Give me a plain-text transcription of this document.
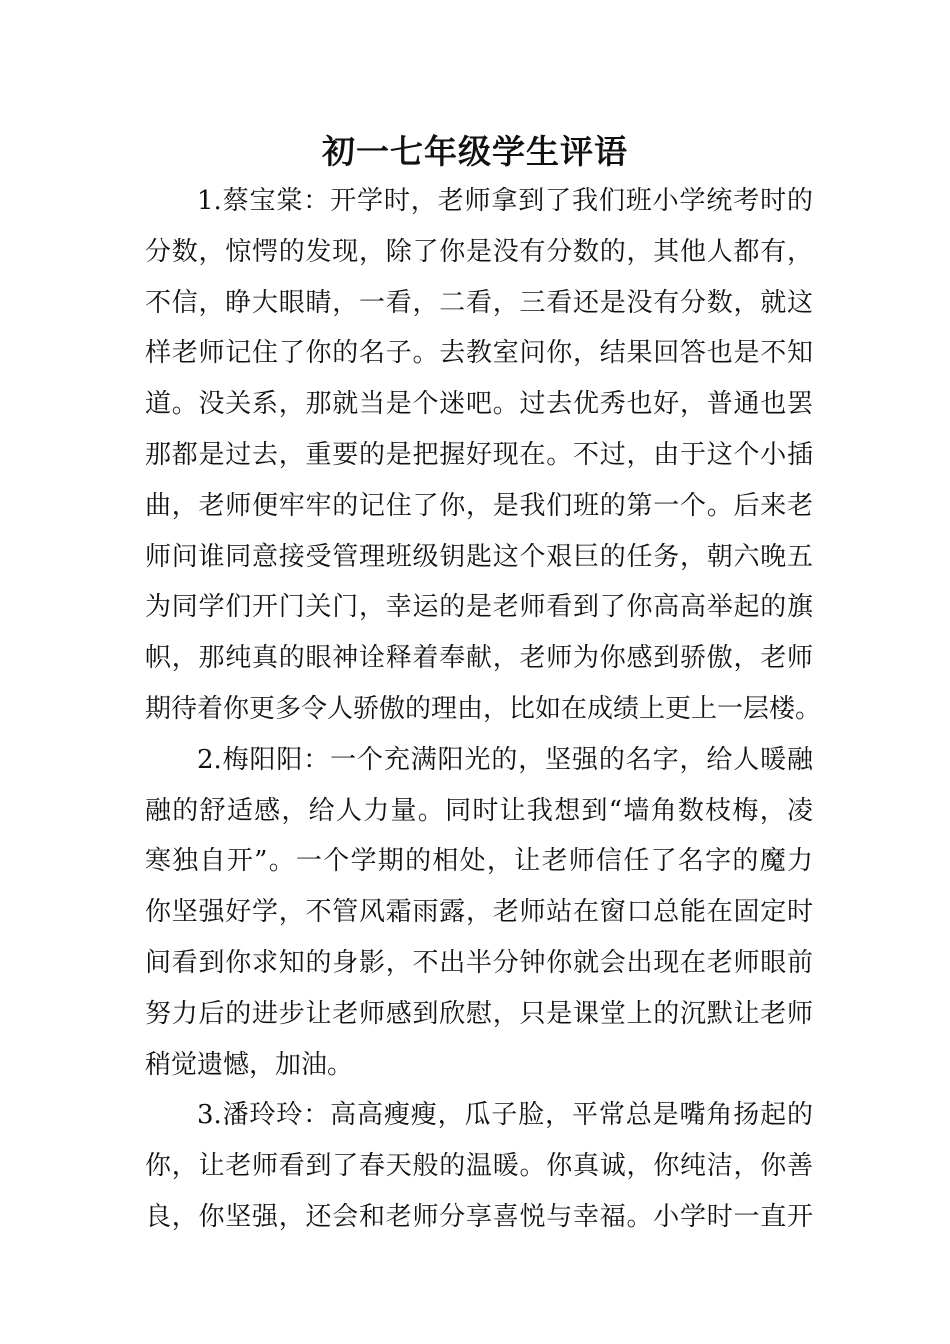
初一七年级学生评语

1.蔡宝棠：开学时，老师拿到了我们班小学统考时的

分数，惊愕的发现，除了你是没有分数的，其他人都有，

不信，睁大眼睛，一看，二看，三看还是没有分数，就这

样老师记住了你的名子。去教室问你，结果回答也是不知

道。没关系，那就当是个迷吧。过去优秀也好，普通也罢

那都是过去，重要的是把握好现在。不过，由于这个小插

曲，老师便牢牢的记住了你，是我们班的第一个。后来老

师问谁同意接受管理班级钥匙这个艰巨的任务，朝六晚五

为同学们开门关门，幸运的是老师看到了你高高举起的旗

帜，那纯真的眼神诠释着奉献，老师为你感到骄傲，老师

期待着你更多令人骄傲的理由，比如在成绩上更上一层楼。

2.梅阳阳：一个充满阳光的，坚强的名字，给人暖融

融的舒适感，给人力量。同时让我想到“墙角数枝梅，凌

寒独自开”。一个学期的相处，让老师信任了名字的魔力

你坚强好学，不管风霜雨露，老师站在窗口总能在固定时

间看到你求知的身影，不出半分钟你就会出现在老师眼前

努力后的进步让老师感到欣慰，只是课堂上的沉默让老师

稍觉遗憾，加油。

3.潘玲玲：高高瘦瘦，瓜子脸，平常总是嘴角扬起的

你，让老师看到了春天般的温暖。你真诚，你纯洁，你善

良，你坚强，还会和老师分享喜悦与幸福。小学时一直开
